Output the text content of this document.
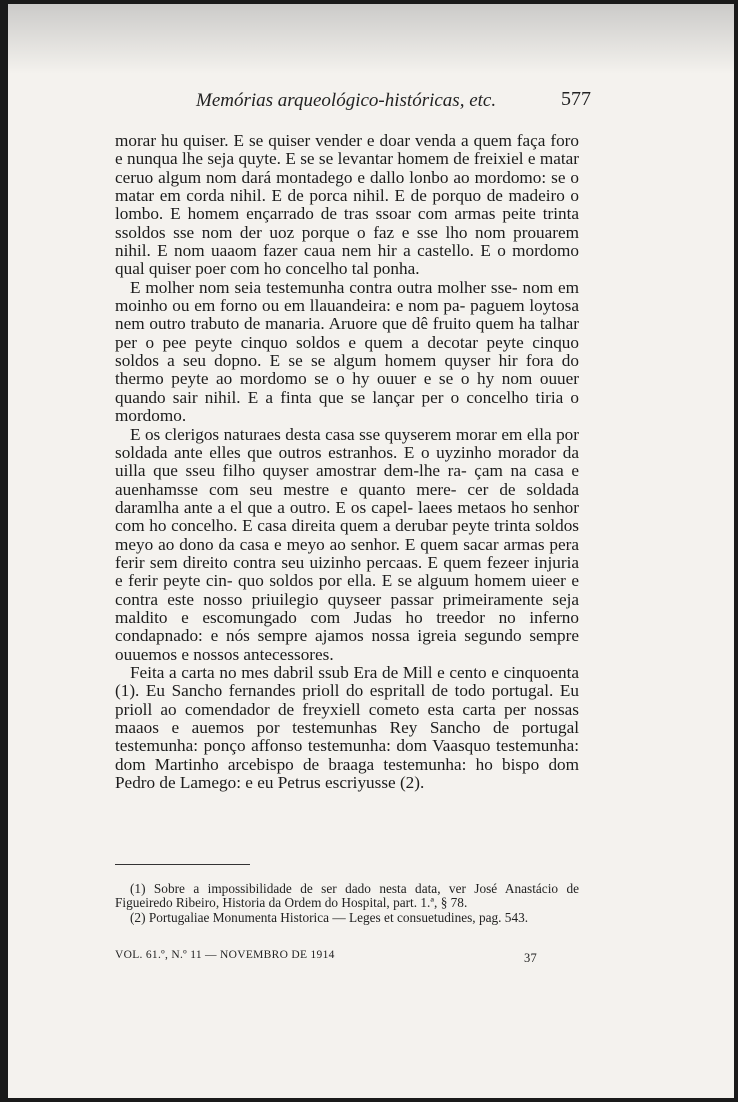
Memórias arqueológico-históricas, etc.	577

morar hu quiser. E se quiser vender e doar venda a quem faça foro e nunqua lhe seja quyte. E se se levantar homem de freixiel e matar ceruo algum nom dará montadego e dallo lonbo ao mordomo: se o matar em corda nihil. E de porca nihil. E de porquo de madeiro o lombo. E homem ençarrado de tras ssoar com armas peite trinta ssoldos sse nom der uoz porque o faz e sse lho nom prouarem nihil. E nom uaaom fazer caua nem hir a castello. E o mordomo qual quiser poer com ho concelho tal ponha.

E molher nom seia testemunha contra outra molher sse- nom em moinho ou em forno ou em llauandeira: e nom pa- paguem loytosa nem outro trabuto de manaria. Aruore que dê fruito quem ha talhar per o pee peyte cinquo soldos e quem a decotar peyte cinquo soldos a seu dopno. E se se algum homem quyser hir fora do thermo peyte ao mordomo se o hy ouuer e se o hy nom ouuer quando sair nihil. E a finta que se lançar per o concelho tiria o mordomo.

E os clerigos naturaes desta casa sse quyserem morar em ella por soldada ante elles que outros estranhos. E o uyzinho morador da uilla que sseu filho quyser amostrar dem-lhe ra- çam na casa e auenhamsse com seu mestre e quanto mere- cer de soldada daramlha ante a el que a outro. E os capel- laees metaos ho senhor com ho concelho. E casa direita quem a derubar peyte trinta soldos meyo ao dono da casa e meyo ao senhor. E quem sacar armas pera ferir sem direito contra seu uizinho percaas. E quem fezeer injuria e ferir peyte cin- quo soldos por ella. E se alguum homem uieer e contra este nosso priuilegio quyseer passar primeiramente seja maldito e escomungado com Judas ho treedor no inferno condapnado: e nós sempre ajamos nossa igreia segundo sempre ouuemos e nossos antecessores.

Feita a carta no mes dabril ssub Era de Mill e cento e cinquoenta (1). Eu Sancho fernandes prioll do espritall de todo portugal. Eu prioll ao comendador de freyxiell cometo esta carta per nossas maaos e auemos por testemunhas Rey Sancho de portugal testemunha: ponço affonso testemunha: dom Vaasquo testemunha: dom Martinho arcebispo de braaga testemunha: ho bispo dom Pedro de Lamego: e eu Petrus escriyusse (2).

(1) Sobre a impossibilidade de ser dado nesta data, ver José Anastácio de Figueiredo Ribeiro, Historia da Ordem do Hospital, part. 1.ª, § 78.

(2) Portugaliae Monumenta Historica — Leges et consuetudines, pag. 543.

VOL. 61.º, N.º 11 — NOVEMBRO DE 1914	37
